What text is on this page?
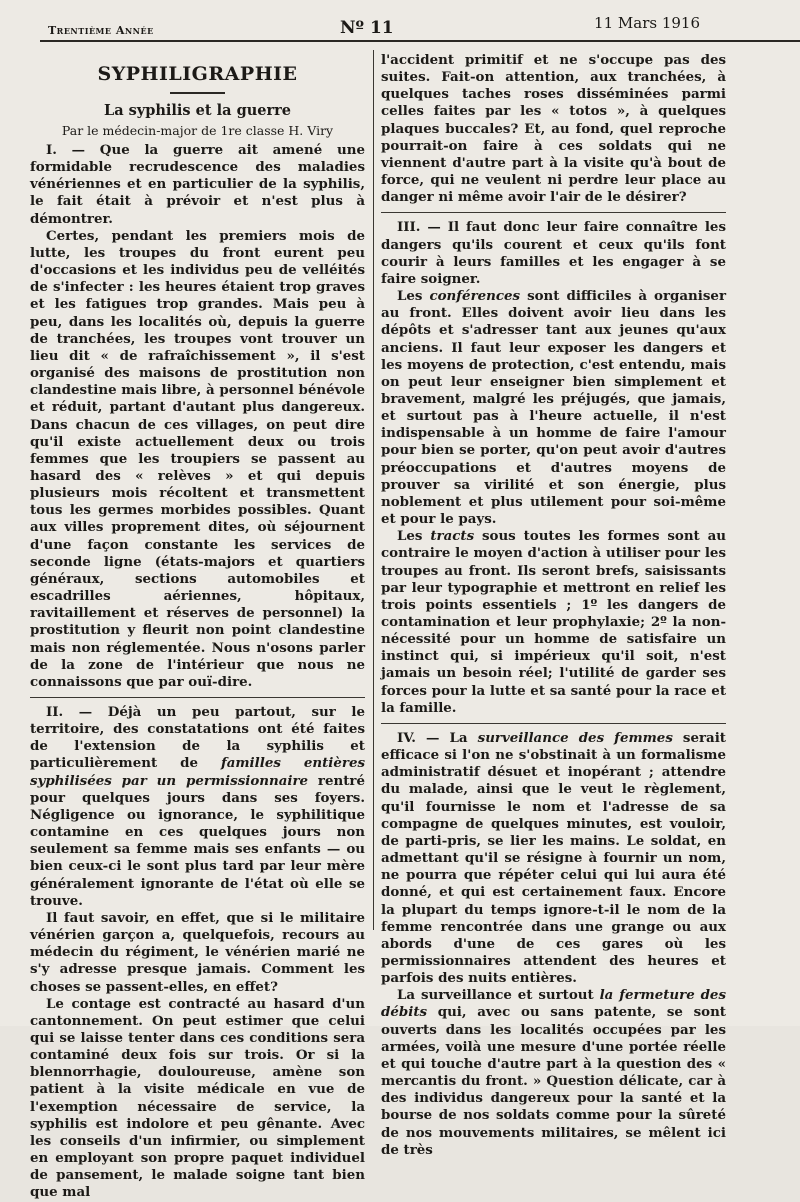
Trentième Année	Nº 11	11 Mars 1916
SYPHILIGRAPHIE
La syphilis et la guerre
Par le médecin-major de 1re classe H. Viry

I. — Que la guerre ait amené une formidable recrudescence des maladies vénériennes et en particulier de la syphilis, le fait était à prévoir et n'est plus à démontrer.

Certes, pendant les premiers mois de lutte, les troupes du front eurent peu d'occasions et les individus peu de velléités de s'infecter : les heures étaient trop graves et les fatigues trop grandes. Mais peu à peu, dans les localités où, depuis la guerre de tranchées, les troupes vont trouver un lieu dit « de rafraîchissement », il s'est organisé des maisons de prostitution non clandestine mais libre, à personnel bénévole et réduit, partant d'autant plus dangereux. Dans chacun de ces villages, on peut dire qu'il existe actuellement deux ou trois femmes que les troupiers se passent au hasard des « relèves » et qui depuis plusieurs mois récoltent et transmettent tous les germes morbides possibles. Quant aux villes proprement dites, où séjournent d'une façon constante les services de seconde ligne (états-majors et quartiers généraux, sections automobiles et escadrilles aériennes, hôpitaux, ravitaillement et réserves de personnel) la prostitution y fleurit non point clandestine mais non réglementée. Nous n'osons parler de la zone de l'intérieur que nous ne connaissons que par ouï-dire.

II. — Déjà un peu partout, sur le territoire, des constatations ont été faites de l'extension de la syphilis et particulièrement de familles entières syphilisées par un permissionnaire rentré pour quelques jours dans ses foyers. Négligence ou ignorance, le syphilitique contamine en ces quelques jours non seulement sa femme mais ses enfants — ou bien ceux-ci le sont plus tard par leur mère généralement ignorante de l'état où elle se trouve.

Il faut savoir, en effet, que si le militaire vénérien garçon a, quelquefois, recours au médecin du régiment, le vénérien marié ne s'y adresse presque jamais. Comment les choses se passent-elles, en effet?

Le contage est contracté au hasard d'un cantonnement. On peut estimer que celui qui se laisse tenter dans ces conditions sera contaminé deux fois sur trois. Or si la blennorrhagie, douloureuse, amène son patient à la visite médicale en vue de l'exemption nécessaire de service, la syphilis est indolore et peu gênante. Avec les conseils d'un infirmier, ou simplement en employant son propre paquet individuel de pansement, le malade soigne tant bien que mal

l'accident primitif et ne s'occupe pas des suites. Fait-on attention, aux tranchées, à quelques taches roses disséminées parmi celles faites par les « totos », à quelques plaques buccales? Et, au fond, quel reproche pourrait-on faire à ces soldats qui ne viennent d'autre part à la visite qu'à bout de force, qui ne veulent ni perdre leur place au danger ni même avoir l'air de le désirer?

III. — Il faut donc leur faire connaître les dangers qu'ils courent et ceux qu'ils font courir à leurs familles et les engager à se faire soigner.

Les conférences sont difficiles à organiser au front. Elles doivent avoir lieu dans les dépôts et s'adresser tant aux jeunes qu'aux anciens. Il faut leur exposer les dangers et les moyens de protection, c'est entendu, mais on peut leur enseigner bien simplement et bravement, malgré les préjugés, que jamais, et surtout pas à l'heure actuelle, il n'est indispensable à un homme de faire l'amour pour bien se porter, qu'on peut avoir d'autres préoccupations et d'autres moyens de prouver sa virilité et son énergie, plus noblement et plus utilement pour soi-même et pour le pays.

Les tracts sous toutes les formes sont au contraire le moyen d'action à utiliser pour les troupes au front. Ils seront brefs, saisissants par leur typographie et mettront en relief les trois points essentiels ; 1º les dangers de contamination et leur prophylaxie; 2º la non-nécessité pour un homme de satisfaire un instinct qui, si impérieux qu'il soit, n'est jamais un besoin réel; l'utilité de garder ses forces pour la lutte et sa santé pour la race et la famille.

IV. — La surveillance des femmes serait efficace si l'on ne s'obstinait à un formalisme administratif désuet et inopérant ; attendre du malade, ainsi que le veut le règlement, qu'il fournisse le nom et l'adresse de sa compagne de quelques minutes, est vouloir, de parti-pris, se lier les mains. Le soldat, en admettant qu'il se résigne à fournir un nom, ne pourra que répéter celui qui lui aura été donné, et qui est certainement faux. Encore la plupart du temps ignore-t-il le nom de la femme rencontrée dans une grange ou aux abords d'une de ces gares où les permissionnaires attendent des heures et parfois des nuits entières.

La surveillance et surtout la fermeture des débits qui, avec ou sans patente, se sont ouverts dans les localités occupées par les armées, voilà une mesure d'une portée réelle et qui touche d'autre part à la question des « mercantis du front. » Question délicate, car à des individus dangereux pour la santé et la bourse de nos soldats comme pour la sûreté de nos mouvements militaires, se mêlent ici de très
